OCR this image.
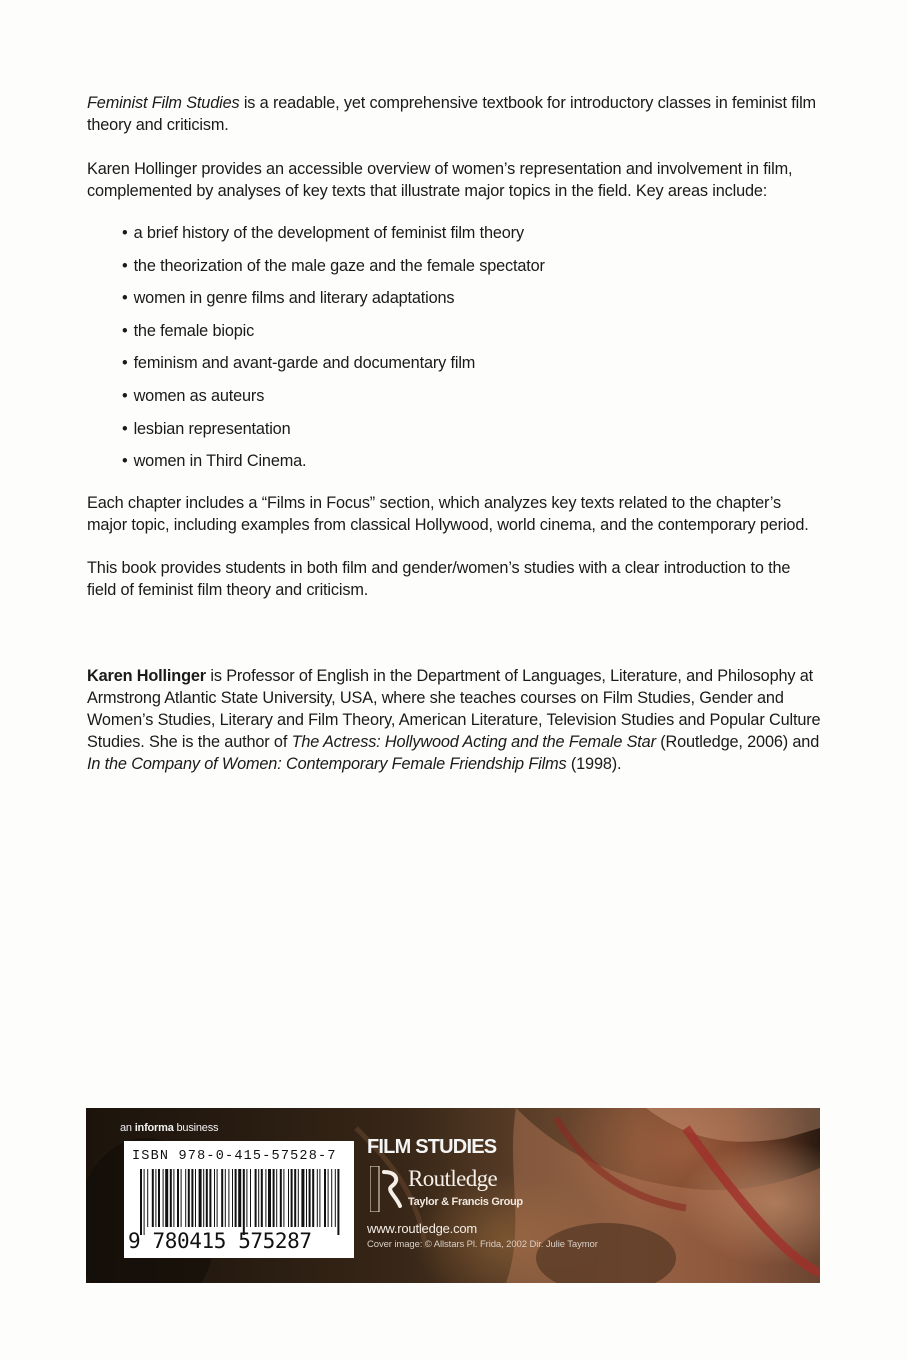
Feminist Film Studies is a readable, yet comprehensive textbook for introductory classes in feminist film theory and criticism.

Karen Hollinger provides an accessible overview of women’s representation and involvement in film, complemented by analyses of key texts that illustrate major topics in the field. Key areas include:

• a brief history of the development of feminist film theory
• the theorization of the male gaze and the female spectator
• women in genre films and literary adaptations
• the female biopic
• feminism and avant-garde and documentary film
• women as auteurs
• lesbian representation
• women in Third Cinema.

Each chapter includes a “Films in Focus” section, which analyzes key texts related to the chapter’s major topic, including examples from classical Hollywood, world cinema, and the contemporary period.

This book provides students in both film and gender/women’s studies with a clear introduction to the field of feminist film theory and criticism.

Karen Hollinger is Professor of English in the Department of Languages, Literature, and Philosophy at Armstrong Atlantic State University, USA, where she teaches courses on Film Studies, Gender and Women’s Studies, Literary and Film Theory, American Literature, Television Studies and Popular Culture Studies. She is the author of The Actress: Hollywood Acting and the Female Star (Routledge, 2006) and In the Company of Women: Contemporary Female Friendship Films (1998).

an informa business
ISBN 978-0-415-57528-7
9 780415 575287
FILM STUDIES
Routledge
Taylor & Francis Group
www.routledge.com
Cover image: © Allstars Pl. Frida, 2002 Dir. Julie Taymor
